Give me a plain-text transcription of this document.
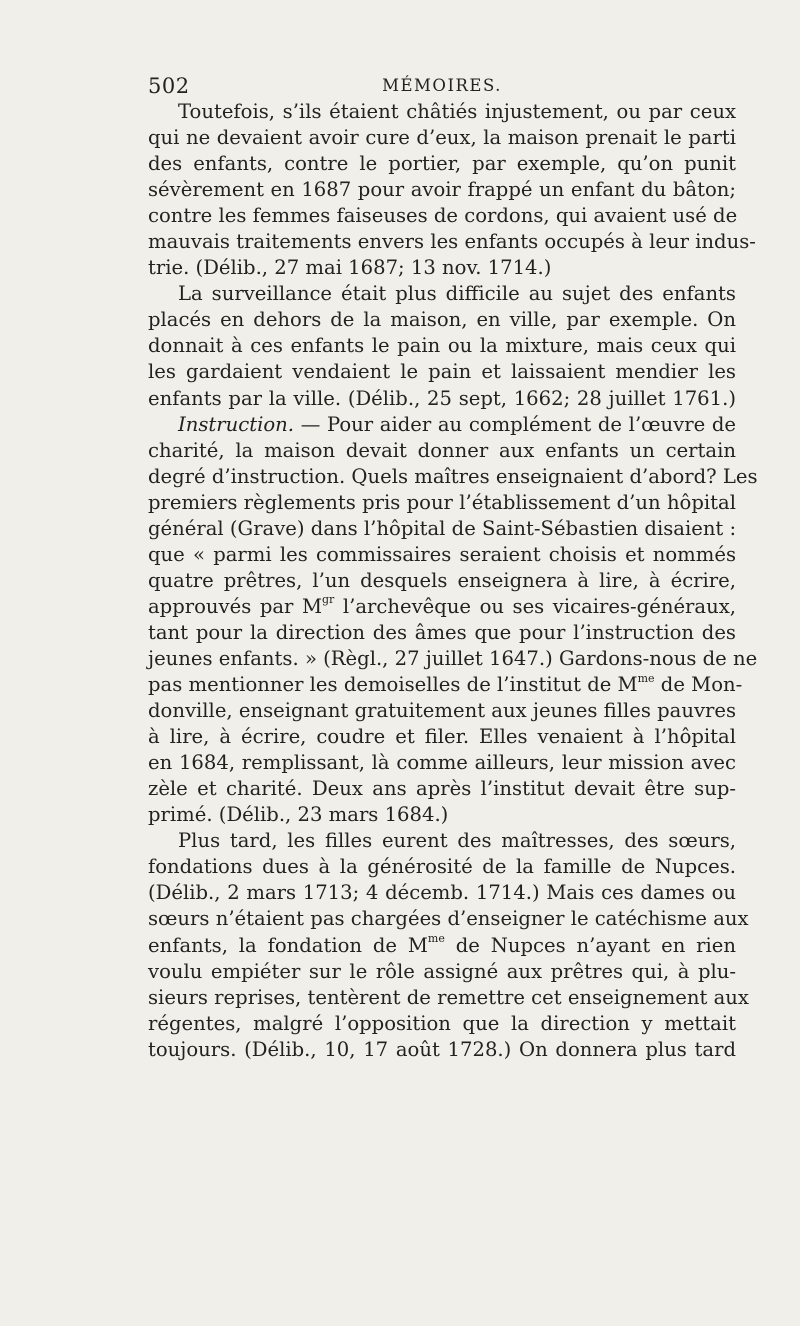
502	MÉMOIRES.
Toutefois, s’ils étaient châtiés injustement, ou par ceux
qui ne devaient avoir cure d’eux, la maison prenait le parti
des enfants, contre le portier, par exemple, qu’on punit
sévèrement en 1687 pour avoir frappé un enfant du bâton;
contre les femmes faiseuses de cordons, qui avaient usé de
mauvais traitements envers les enfants occupés à leur indus-
trie. (Délib., 27 mai 1687; 13 nov. 1714.)
La surveillance était plus difficile au sujet des enfants
placés en dehors de la maison, en ville, par exemple. On
donnait à ces enfants le pain ou la mixture, mais ceux qui
les gardaient vendaient le pain et laissaient mendier les
enfants par la ville. (Délib., 25 sept, 1662; 28 juillet 1761.)
Instruction. — Pour aider au complément de l’œuvre de
charité, la maison devait donner aux enfants un certain
degré d’instruction. Quels maîtres enseignaient d’abord? Les
premiers règlements pris pour l’établissement d’un hôpital
général (Grave) dans l’hôpital de Saint-Sébastien disaient :
que « parmi les commissaires seraient choisis et nommés
quatre prêtres, l’un desquels enseignera à lire, à écrire,
approuvés par $M^{gr}$ l’archevêque ou ses vicaires-généraux,
tant pour la direction des âmes que pour l’instruction des
jeunes enfants. » (Règl., 27 juillet 1647.) Gardons-nous de ne
pas mentionner les demoiselles de l’institut de $M^{me}$ de Mon-
donville, enseignant gratuitement aux jeunes filles pauvres
à lire, à écrire, coudre et filer. Elles venaient à l’hôpital
en 1684, remplissant, là comme ailleurs, leur mission avec
zèle et charité. Deux ans après l’institut devait être sup-
primé. (Délib., 23 mars 1684.)
Plus tard, les filles eurent des maîtresses, des sœurs,
fondations dues à la générosité de la famille de Nupces.
(Délib., 2 mars 1713; 4 décemb. 1714.) Mais ces dames ou
sœurs n’étaient pas chargées d’enseigner le catéchisme aux
enfants, la fondation de $M^{me}$ de Nupces n’ayant en rien
voulu empiéter sur le rôle assigné aux prêtres qui, à plu-
sieurs reprises, tentèrent de remettre cet enseignement aux
régentes, malgré l’opposition que la direction y mettait
toujours. (Délib., 10, 17 août 1728.) On donnera plus tard
